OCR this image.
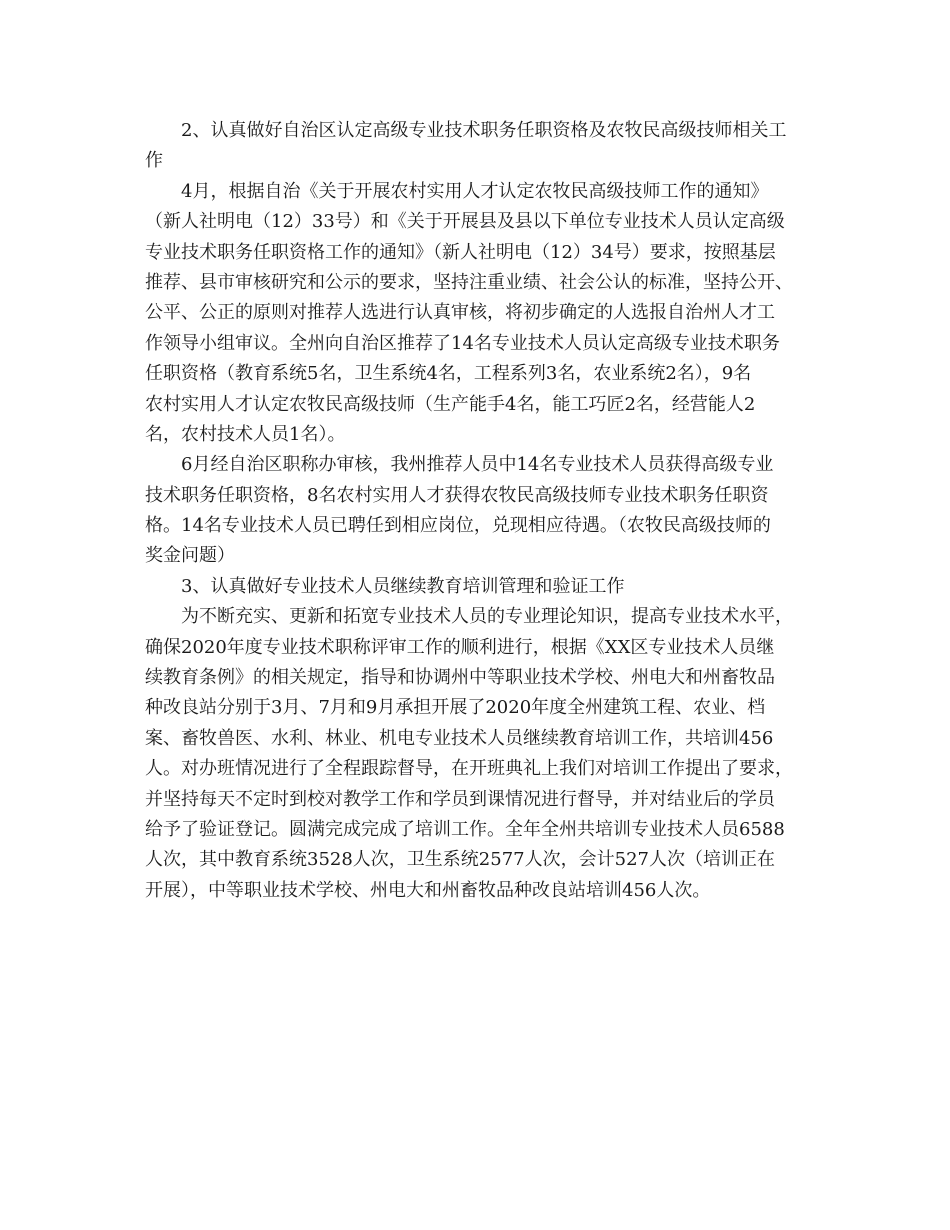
2、认真做好自治区认定高级专业技术职务任职资格及农牧民高级技师相关工
作
4月，根据自治《关于开展农村实用人才认定农牧民高级技师工作的通知》
（新人社明电（12）33号）和《关于开展县及县以下单位专业技术人员认定高级
专业技术职务任职资格工作的通知》（新人社明电（12）34号）要求，按照基层
推荐、县市审核研究和公示的要求，坚持注重业绩、社会公认的标准，坚持公开、
公平、公正的原则对推荐人选进行认真审核，将初步确定的人选报自治州人才工
作领导小组审议。全州向自治区推荐了14名专业技术人员认定高级专业技术职务
任职资格（教育系统5名，卫生系统4名，工程系列3名，农业系统2名），9名
农村实用人才认定农牧民高级技师（生产能手4名，能工巧匠2名，经营能人2
名，农村技术人员1名）。
6月经自治区职称办审核，我州推荐人员中14名专业技术人员获得高级专业
技术职务任职资格，8名农村实用人才获得农牧民高级技师专业技术职务任职资
格。14名专业技术人员已聘任到相应岗位，兑现相应待遇。（农牧民高级技师的
奖金问题）
3、认真做好专业技术人员继续教育培训管理和验证工作
为不断充实、更新和拓宽专业技术人员的专业理论知识，提高专业技术水平，
确保2020年度专业技术职称评审工作的顺利进行，根据《XX区专业技术人员继
续教育条例》的相关规定，指导和协调州中等职业技术学校、州电大和州畜牧品
种改良站分别于3月、7月和9月承担开展了2020年度全州建筑工程、农业、档
案、畜牧兽医、水利、林业、机电专业技术人员继续教育培训工作，共培训456
人。对办班情况进行了全程跟踪督导，在开班典礼上我们对培训工作提出了要求，
并坚持每天不定时到校对教学工作和学员到课情况进行督导，并对结业后的学员
给予了验证登记。圆满完成完成了培训工作。全年全州共培训专业技术人员6588
人次，其中教育系统3528人次，卫生系统2577人次，会计527人次（培训正在
开展），中等职业技术学校、州电大和州畜牧品种改良站培训456人次。
